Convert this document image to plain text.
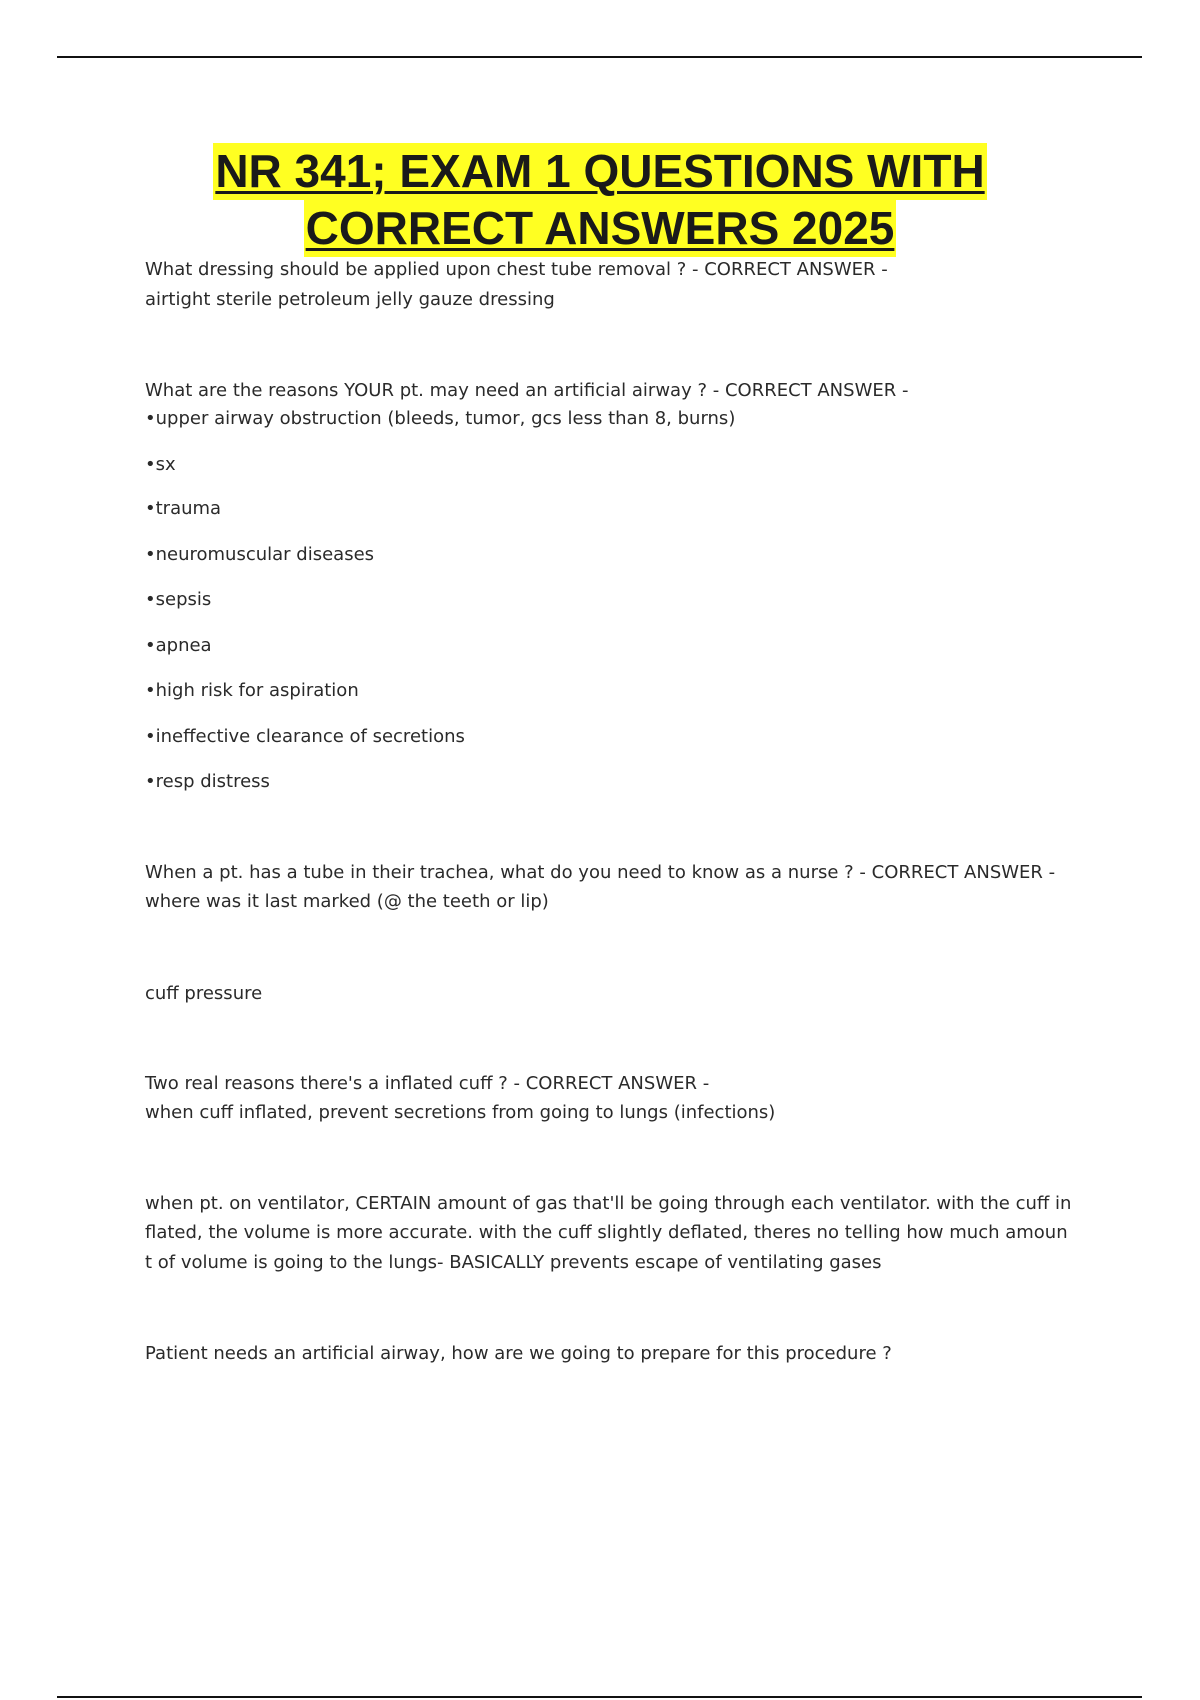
NR 341; EXAM 1 QUESTIONS WITH
CORRECT ANSWERS 2025
What dressing should be applied upon chest tube removal ? - CORRECT ANSWER -
airtight sterile petroleum jelly gauze dressing
What are the reasons YOUR pt. may need an artificial airway ? - CORRECT ANSWER -
•upper airway obstruction (bleeds, tumor, gcs less than 8, burns)
•sx
•trauma
•neuromuscular diseases
•sepsis
•apnea
•high risk for aspiration
•ineffective clearance of secretions
•resp distress
When a pt. has a tube in their trachea, what do you need to know as a nurse ? - CORRECT ANSWER -
where was it last marked (@ the teeth or lip)
cuff pressure
Two real reasons there's a inflated cuff ? - CORRECT ANSWER -
when cuff inflated, prevent secretions from going to lungs (infections)
when pt. on ventilator, CERTAIN amount of gas that'll be going through each ventilator. with the cuff in
flated, the volume is more accurate. with the cuff slightly deflated, theres no telling how much amoun
t of volume is going to the lungs- BASICALLY prevents escape of ventilating gases
Patient needs an artificial airway, how are we going to prepare for this procedure ?
